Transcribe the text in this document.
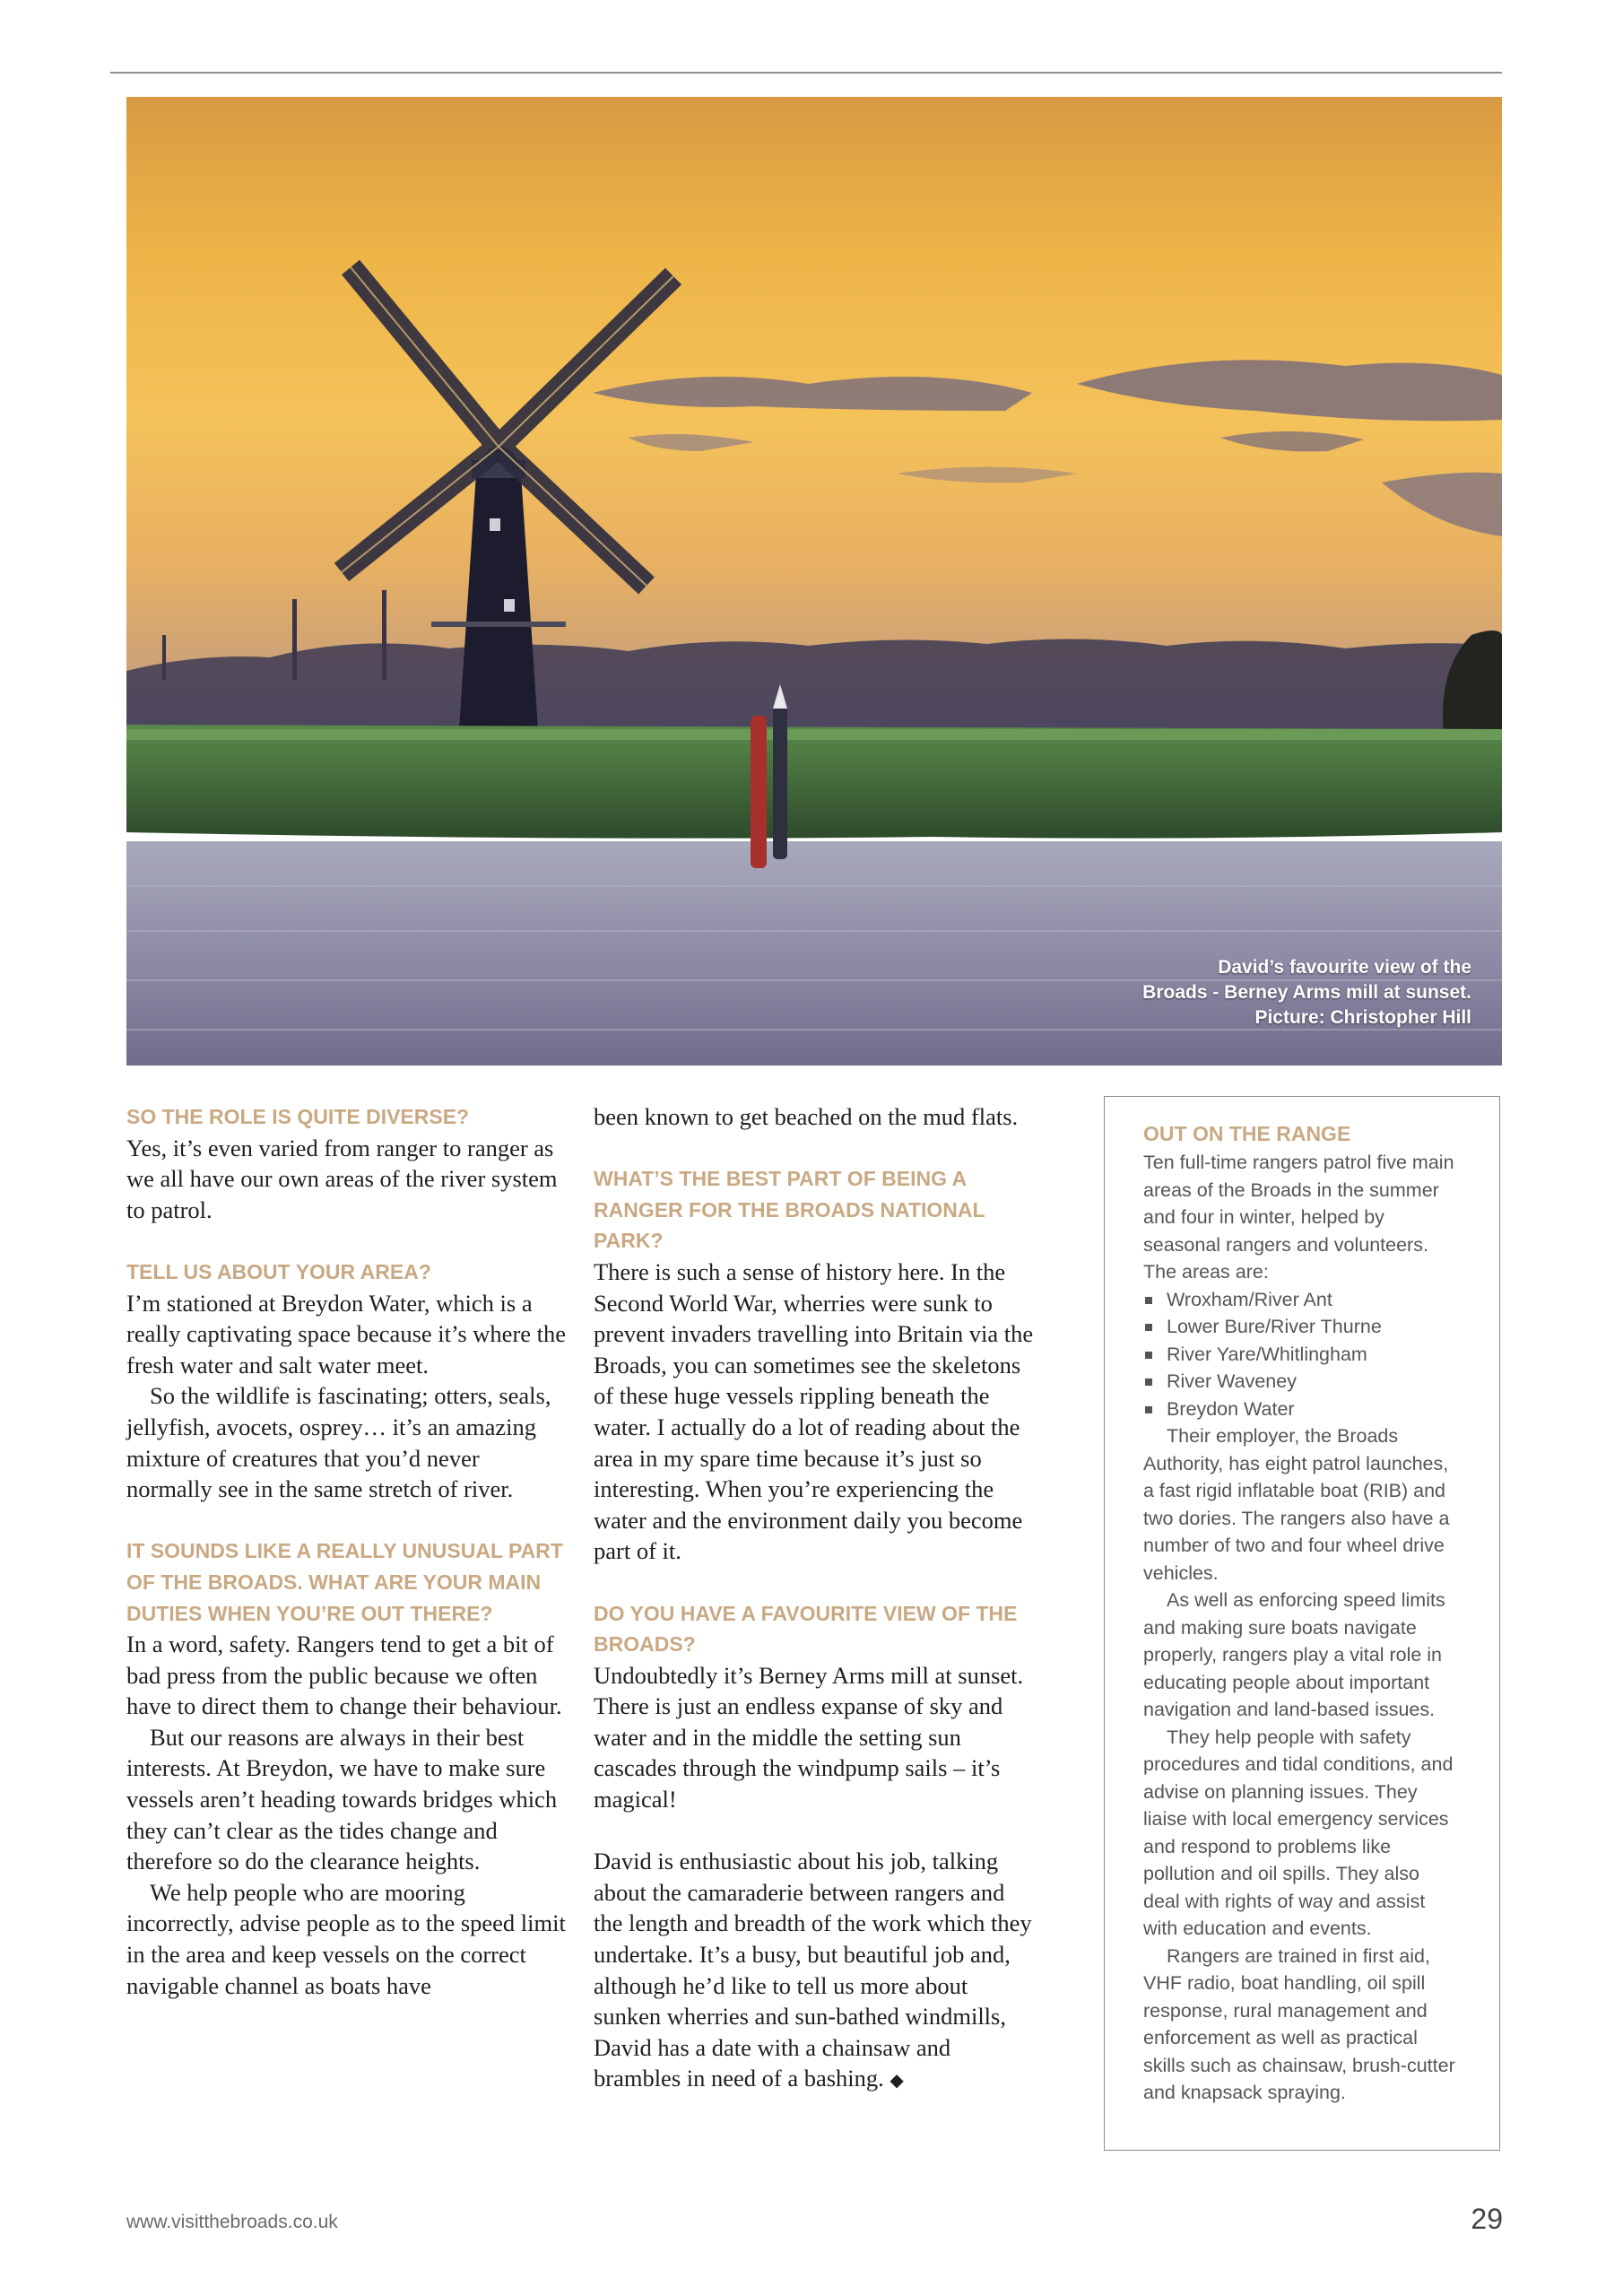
David’s favourite view of the
Broads - Berney Arms mill at sunset.
Picture: Christopher Hill

SO THE ROLE IS QUITE DIVERSE?

Yes, it’s even varied from ranger to ranger as we all have our own areas of the river system to patrol.

TELL US ABOUT YOUR AREA?

I’m stationed at Breydon Water, which is a really captivating space because it’s where the fresh water and salt water meet.

So the wildlife is fascinating; otters, seals, jellyfish, avocets, osprey… it’s an amazing mixture of creatures that you’d never normally see in the same stretch of river.

IT SOUNDS LIKE A REALLY UNUSUAL PART OF THE BROADS. WHAT ARE YOUR MAIN DUTIES WHEN YOU’RE OUT THERE?

In a word, safety. Rangers tend to get a bit of bad press from the public because we often have to direct them to change their behaviour.

But our reasons are always in their best interests. At Breydon, we have to make sure vessels aren’t heading towards bridges which they can’t clear as the tides change and therefore so do the clearance heights.

We help people who are mooring incorrectly, advise people as to the speed limit in the area and keep vessels on the correct navigable channel as boats have

been known to get beached on the mud flats.

WHAT’S THE BEST PART OF BEING A RANGER FOR THE BROADS NATIONAL PARK?

There is such a sense of history here. In the Second World War, wherries were sunk to prevent invaders travelling into Britain via the Broads, you can sometimes see the skeletons of these huge vessels rippling beneath the water. I actually do a lot of reading about the area in my spare time because it’s just so interesting. When you’re experiencing the water and the environment daily you become part of it.

DO YOU HAVE A FAVOURITE VIEW OF THE BROADS?

Undoubtedly it’s Berney Arms mill at sunset. There is just an endless expanse of sky and water and in the middle the setting sun cascades through the windpump sails – it’s magical!

David is enthusiastic about his job, talking about the camaraderie between rangers and the length and breadth of the work which they undertake. It’s a busy, but beautiful job and, although he’d like to tell us more about sunken wherries and sun-bathed windmills, David has a date with a chainsaw and brambles in need of a bashing. ◆

OUT ON THE RANGE

Ten full-time rangers patrol five main areas of the Broads in the summer and four in winter, helped by seasonal rangers and volunteers. The areas are:

Wroxham/River Ant
Lower Bure/River Thurne
River Yare/Whitlingham
River Waveney
Breydon Water

Their employer, the Broads Authority, has eight patrol launches, a fast rigid inflatable boat (RIB) and two dories. The rangers also have a number of two and four wheel drive vehicles.

As well as enforcing speed limits and making sure boats navigate properly, rangers play a vital role in educating people about important navigation and land-based issues.

They help people with safety procedures and tidal conditions, and advise on planning issues. They liaise with local emergency services and respond to problems like pollution and oil spills. They also deal with rights of way and assist with education and events.

Rangers are trained in first aid, VHF radio, boat handling, oil spill response, rural management and enforcement as well as practical skills such as chainsaw, brush-cutter and knapsack spraying.

www.visitthebroads.co.uk	29
